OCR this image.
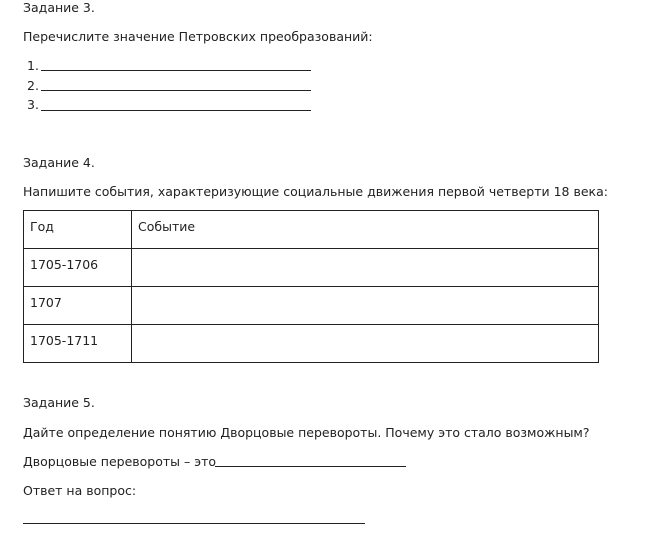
Задание 3.
Перечислите значение Петровских преобразований:
1.
2.
3.
Задание 4.
Напишите события, характеризующие социальные движения первой четверти 18 века:
Год	Событие
1705-1706	
1707	
1705-1711	
Задание 5.
Дайте определение понятию Дворцовые перевороты. Почему это стало возможным?
Дворцовые перевороты – это
Ответ на вопрос:
